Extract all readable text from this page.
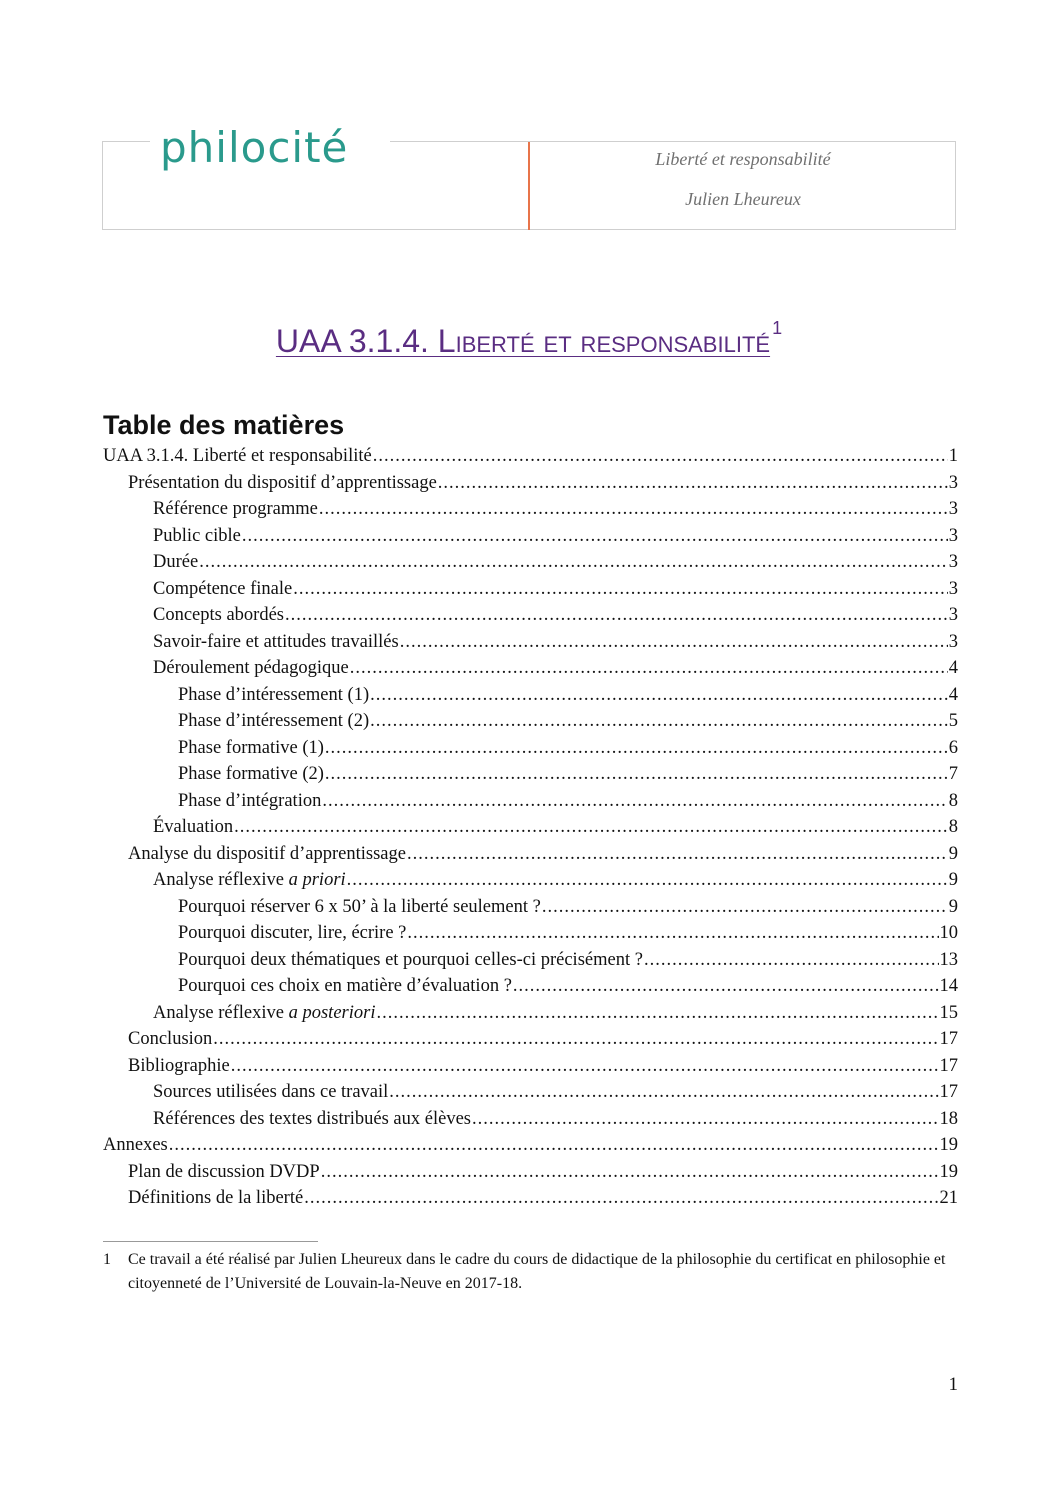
philocité	Liberté et responsabilité
Julien Lheureux
UAA 3.1.4. Liberté et responsabilité $^1$
Table des matières
UAA 3.1.4. Liberté et responsabilité .....	1
Présentation du dispositif d’apprentissage .....	3
Référence programme .....	3
Public cible .....	3
Durée .....	3
Compétence finale .....	3
Concepts abordés .....	3
Savoir-faire et attitudes travaillés .....	3
Déroulement pédagogique .....	4
Phase d’intéressement (1) .....	4
Phase d’intéressement (2) .....	5
Phase formative (1) .....	6
Phase formative (2) .....	7
Phase d’intégration .....	8
Évaluation .....	8
Analyse du dispositif d’apprentissage .....	9
Analyse réflexive a priori .....	9
Pourquoi réserver 6 x 50’ à la liberté seulement ? .....	9
Pourquoi discuter, lire, écrire ? .....	10
Pourquoi deux thématiques et pourquoi celles-ci précisément ? .....	13
Pourquoi ces choix en matière d’évaluation ? .....	14
Analyse réflexive a posteriori .....	15
Conclusion .....	17
Bibliographie .....	17
Sources utilisées dans ce travail .....	17
Références des textes distribués aux élèves .....	18
Annexes .....	19
Plan de discussion DVDP .....	19
Définitions de la liberté .....	21
1	Ce travail a été réalisé par Julien Lheureux dans le cadre du cours de didactique de la philosophie du certificat en philosophie et citoyenneté de l’Université de Louvain-la-Neuve en 2017-18.
1
